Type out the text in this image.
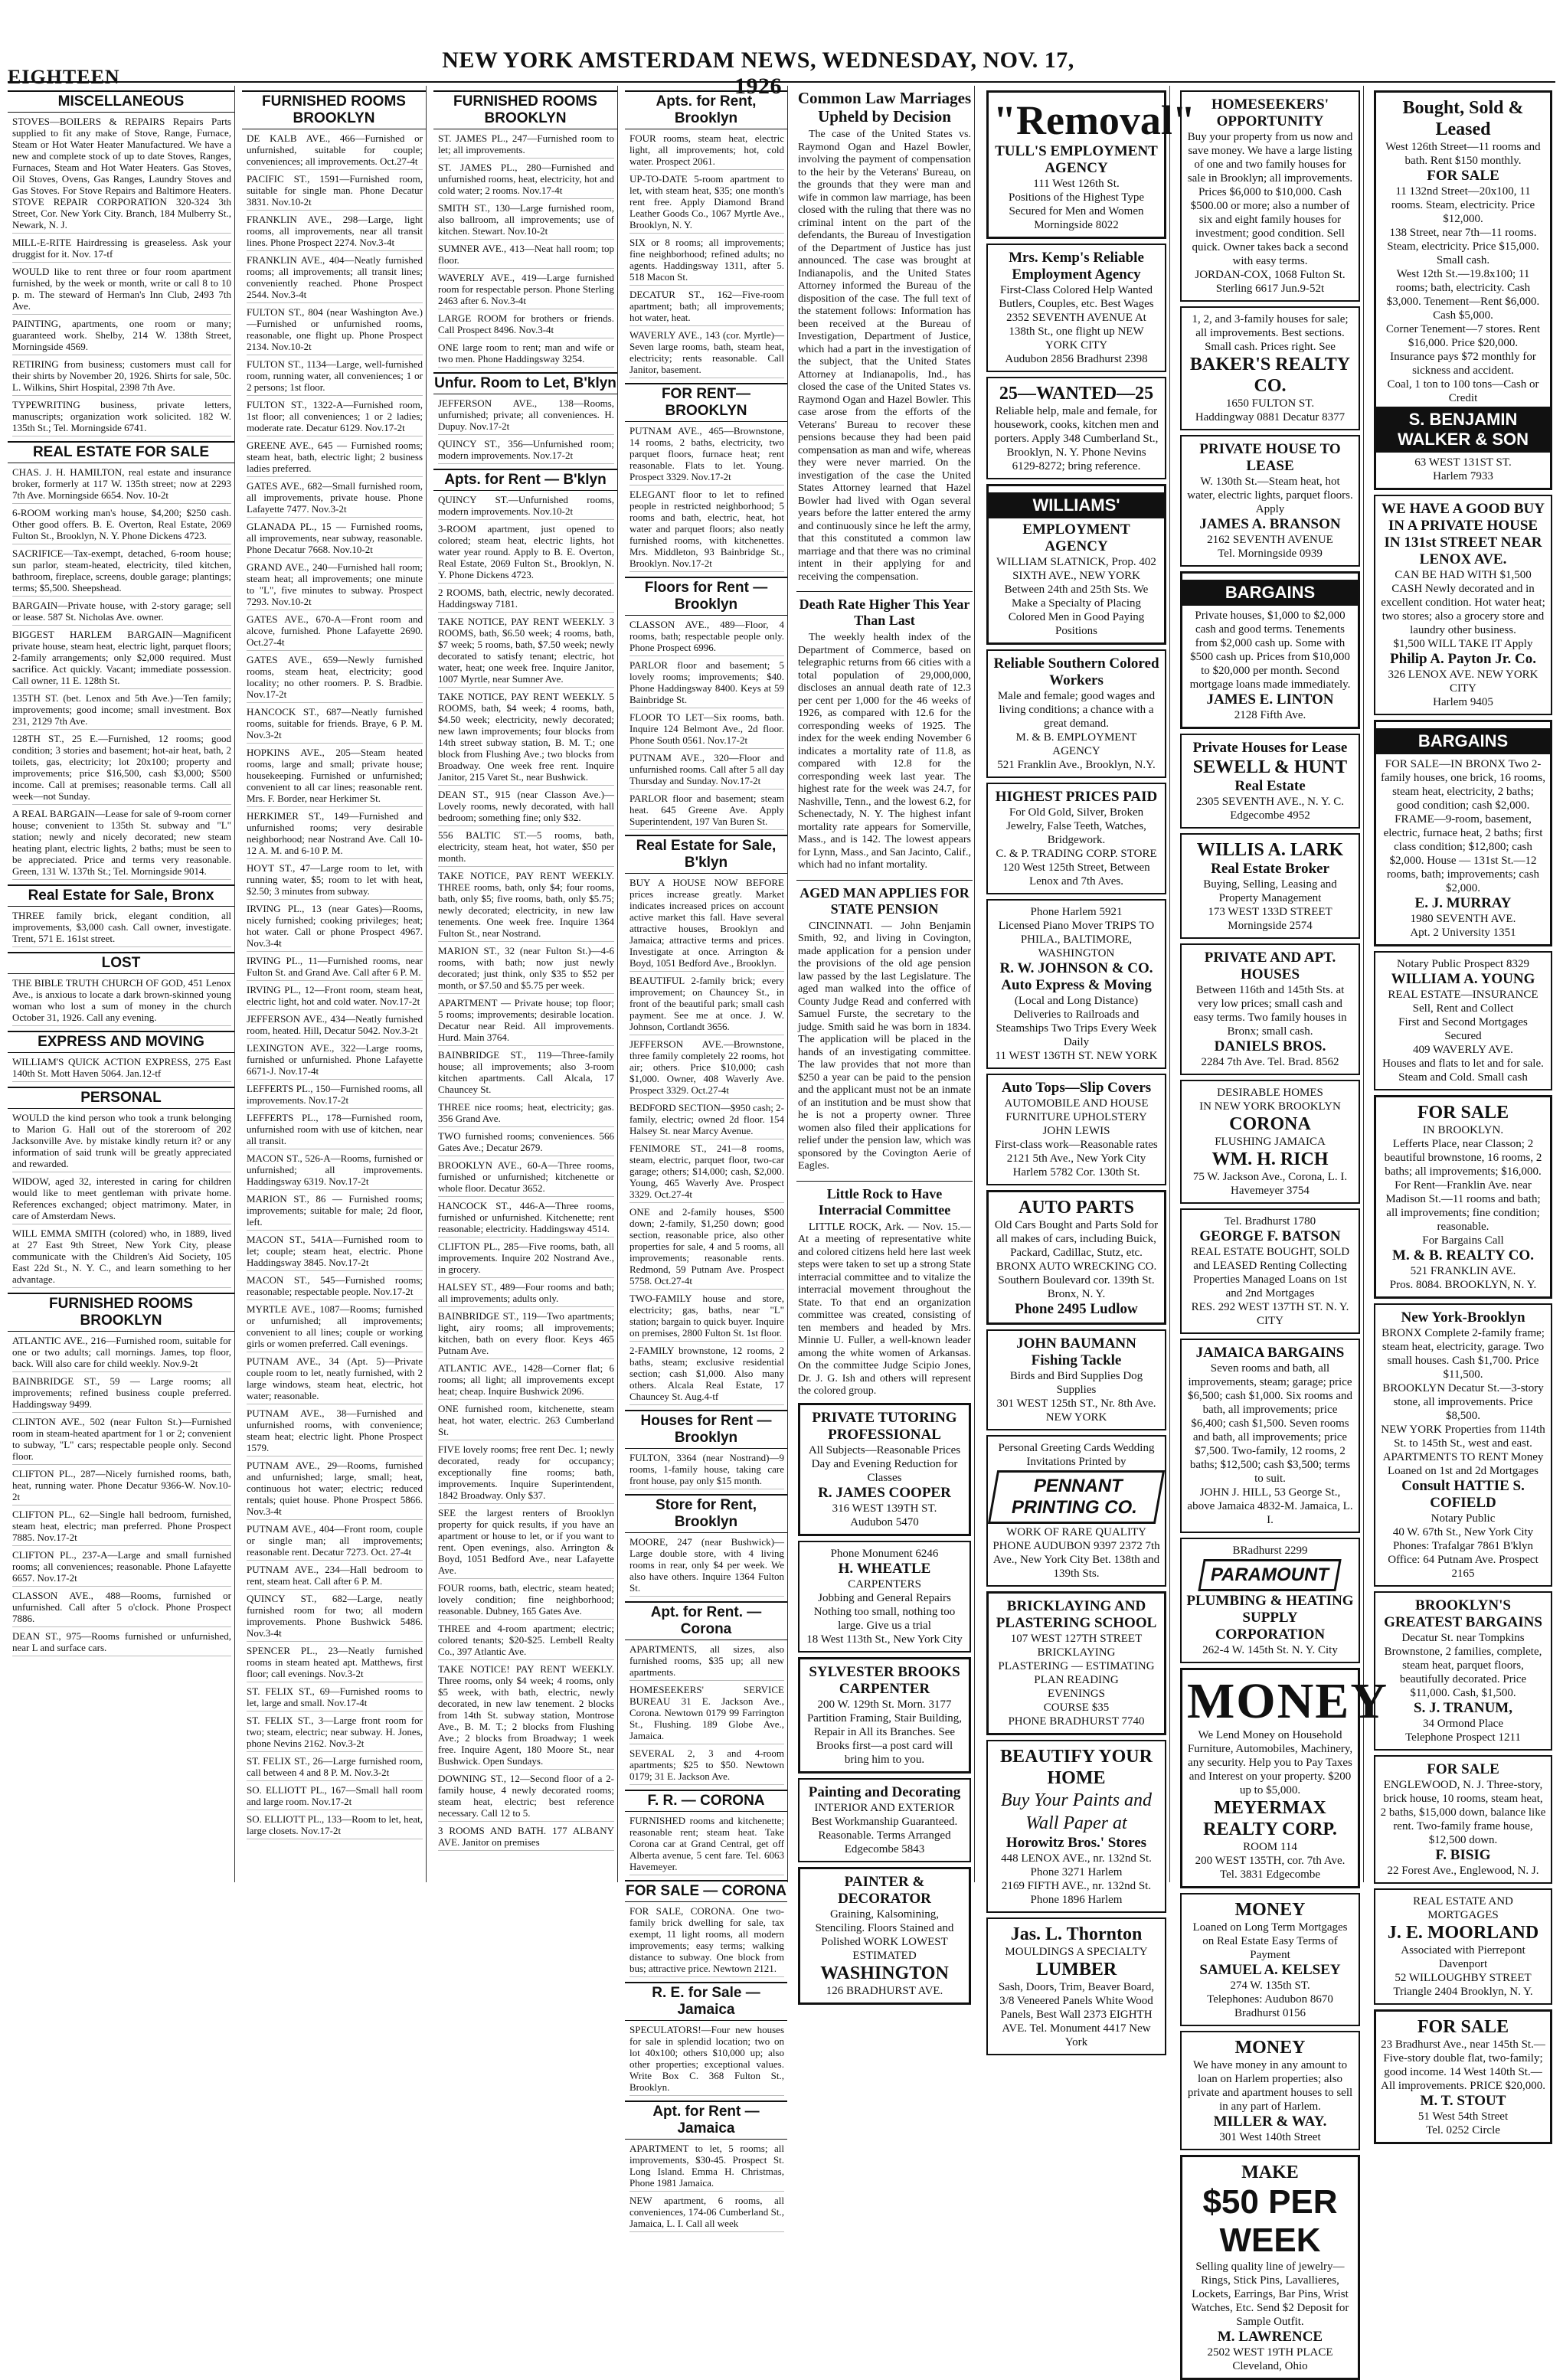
EIGHTEEN
NEW YORK AMSTERDAM NEWS, WEDNESDAY, NOV. 17, 1926
MISCELLANEOUS
STOVES—BOILERS & REPAIRS Repairs Parts supplied to fit any make of Stove, Range, Furnace, Steam or Hot Water Heater Manufactured. We have a new and complete stock of up to date Stoves, Ranges, Furnaces, Steam and Hot Water Heaters. Gas Stoves, Oil Stoves, Ovens, Gas Ranges, Laundry Stoves and Gas Stoves. For Stove Repairs and Baltimore Heaters. STOVE REPAIR CORPORATION 320-324 3th Street, Cor. New York City. Branch, 184 Mulberry St., Newark, N. J.
MILL-E-RITE Hairdressing is greaseless. Ask your druggist for it. Nov. 17-tf
WOULD like to rent three or four room apartment furnished, by the week or month, write or call 8 to 10 p. m. The steward of Herman's Inn Club, 2493 7th Ave.
PAINTING, apartments, one room or many; guaranteed work. Shelby, 214 W. 138th Street, Morningside 4569.
RETIRING from business; customers must call for their shirts by November 20, 1926. Shirts for sale, 50c. L. Wilkins, Shirt Hospital, 2398 7th Ave.
TYPEWRITING business, private letters, manuscripts; organization work solicited. 182 W. 135th St.; Tel. Morningside 6741.
REAL ESTATE FOR SALE
CHAS. J. H. HAMILTON, real estate and insurance broker, formerly at 117 W. 135th street; now at 2293 7th Ave. Morningside 6654. Nov. 10-2t
6-ROOM working man's house, $4,200; $250 cash. Other good offers. B. E. Overton, Real Estate, 2069 Fulton St., Brooklyn, N. Y. Phone Dickens 4723.
SACRIFICE—Tax-exempt, detached, 6-room house; sun parlor, steam-heated, electricity, tiled kitchen, bathroom, fireplace, screens, double garage; plantings; terms; $5,500. Sheepshead.
BARGAIN—Private house, with 2-story garage; sell or lease. 587 St. Nicholas Ave. owner.
BIGGEST HARLEM BARGAIN—Magnificent private house, steam heat, electric light, parquet floors; 2-family arrangements; only $2,000 required. Must sacrifice. Act quickly. Vacant; immediate possession. Call owner, 11 E. 128th St.
135TH ST. (bet. Lenox and 5th Ave.)—Ten family; improvements; good income; small investment. Box 231, 2129 7th Ave.
128TH ST., 25 E.—Furnished, 12 rooms; good condition; 3 stories and basement; hot-air heat, bath, 2 toilets, gas, electricity; lot 20x100; property and improvements; price $16,500, cash $3,000; $500 income. Call at premises; reasonable terms. Call all week—not Sunday.
A REAL BARGAIN—Lease for sale of 9-room corner house; convenient to 135th St. subway and "L" station; newly and nicely decorated; new steam heating plant, electric lights, 2 baths; must be seen to be appreciated. Price and terms very reasonable. Green, 131 W. 137th St.; Tel. Morningside 9014.
Real Estate for Sale, Bronx
THREE family brick, elegant condition, all improvements, $3,000 cash. Call owner, investigate. Trent, 571 E. 161st street.
LOST
THE BIBLE TRUTH CHURCH OF GOD, 451 Lenox Ave., is anxious to locate a dark brown-skinned young woman who lost a sum of money in the church October 31, 1926. Call any evening.
EXPRESS AND MOVING
WILLIAM'S QUICK ACTION EXPRESS, 275 East 140th St. Mott Haven 5064. Jan.12-tf
PERSONAL
WOULD the kind person who took a trunk belonging to Marion G. Hall out of the storeroom of 202 Jacksonville Ave. by mistake kindly return it? or any information of said trunk will be greatly appreciated and rewarded.
WIDOW, aged 32, interested in caring for children would like to meet gentleman with private home. References exchanged; object matrimony. Mater, in care of Amsterdam News.
WILL EMMA SMITH (colored) who, in 1889, lived at 27 East 9th Street, New York City, please communicate with the Children's Aid Society, 105 East 22d St., N. Y. C., and learn something to her advantage.
FURNISHED ROOMS BROOKLYN
ATLANTIC AVE., 216—Furnished room, suitable for one or two adults; call mornings. James, top floor, back. Will also care for child weekly. Nov.9-2t
BAINBRIDGE ST., 59 — Large rooms; all improvements; refined business couple preferred. Haddingsway 9499.
CLINTON AVE., 502 (near Fulton St.)—Furnished room in steam-heated apartment for 1 or 2; convenient to subway, "L" cars; respectable people only. Second floor.
CLIFTON PL., 287—Nicely furnished rooms, bath, heat, running water. Phone Decatur 9366-W. Nov.10-2t
CLIFTON PL., 62—Single hall bedroom, furnished, steam heat, electric; man preferred. Phone Prospect 7885. Nov.17-2t
CLIFTON PL., 237-A—Large and small furnished rooms; all conveniences; reasonable. Phone Lafayette 6657. Nov.17-2t
CLASSON AVE., 488—Rooms, furnished or unfurnished. Call after 5 o'clock. Phone Prospect 7886.
DEAN ST., 975—Rooms furnished or unfurnished, near L and surface cars.
FURNISHED ROOMS BROOKLYN
DE KALB AVE., 466—Furnished or unfurnished, suitable for couple; conveniences; all improvements. Oct.27-4t
PACIFIC ST., 1591—Furnished room, suitable for single man. Phone Decatur 3831. Nov.10-2t
FRANKLIN AVE., 298—Large, light rooms, all improvements, near all transit lines. Phone Prospect 2274. Nov.3-4t
FRANKLIN AVE., 404—Neatly furnished rooms; all improvements; all transit lines; conveniently reached. Phone Prospect 2544. Nov.3-4t
FULTON ST., 804 (near Washington Ave.)—Furnished or unfurnished rooms, reasonable, one flight up. Phone Prospect 2134. Nov.10-2t
FULTON ST., 1134—Large, well-furnished room, running water, all conveniences; 1 or 2 persons; 1st floor.
FULTON ST., 1322-A—Furnished room, 1st floor; all conveniences; 1 or 2 ladies; moderate rate. Decatur 6129. Nov.17-2t
GREENE AVE., 645 — Furnished rooms; steam heat, bath, electric light; 2 business ladies preferred.
GATES AVE., 682—Small furnished room, all improvements, private house. Phone Lafayette 7477. Nov.3-2t
GLANADA PL., 15 — Furnished rooms, all improvements, near subway, reasonable. Phone Decatur 7668. Nov.10-2t
GRAND AVE., 240—Furnished hall room; steam heat; all improvements; one minute to "L", five minutes to subway. Prospect 7293. Nov.10-2t
GATES AVE., 670-A—Front room and alcove, furnished. Phone Lafayette 2690. Oct.27-4t
GATES AVE., 659—Newly furnished rooms, steam heat, electricity; good locality; no other roomers. P. S. Bradbie. Nov.17-2t
HANCOCK ST., 687—Neatly furnished rooms, suitable for friends. Braye, 6 P. M. Nov.3-2t
HOPKINS AVE., 205—Steam heated rooms, large and small; private house; housekeeping. Furnished or unfurnished; convenient to all car lines; reasonable rent. Mrs. F. Border, near Herkimer St.
HERKIMER ST., 149—Furnished and unfurnished rooms; very desirable neighborhood; near Nostrand Ave. Call 10-12 A. M. and 6-10 P. M.
HOYT ST., 47—Large room to let, with running water, $5; room to let with heat, $2.50; 3 minutes from subway.
IRVING PL., 13 (near Gates)—Rooms, nicely furnished; cooking privileges; heat; hot water. Call or phone Prospect 4967. Nov.3-4t
IRVING PL., 11—Furnished rooms, near Fulton St. and Grand Ave. Call after 6 P. M.
IRVING PL., 12—Front room, steam heat, electric light, hot and cold water. Nov.17-2t
JEFFERSON AVE., 434—Neatly furnished room, heated. Hill, Decatur 5042. Nov.3-2t
LEXINGTON AVE., 322—Large rooms, furnished or unfurnished. Phone Lafayette 6671-J. Nov.17-4t
LEFFERTS PL., 150—Furnished rooms, all improvements. Nov.17-2t
LEFFERTS PL., 178—Furnished room, unfurnished room with use of kitchen, near all transit.
MACON ST., 526-A—Rooms, furnished or unfurnished; all improvements. Haddingsway 6319. Nov.17-2t
MARION ST., 86 — Furnished rooms; improvements; suitable for male; 2d floor, left.
MACON ST., 541A—Furnished room to let; couple; steam heat, electric. Phone Haddingsway 3845. Nov.17-2t
MACON ST., 545—Furnished rooms; reasonable; respectable people. Nov.17-2t
MYRTLE AVE., 1087—Rooms; furnished or unfurnished; all improvements; convenient to all lines; couple or working girls or women preferred. Call evenings.
PUTNAM AVE., 34 (Apt. 5)—Private couple room to let, neatly furnished, with 2 large windows, steam heat, electric, hot water; reasonable.
PUTNAM AVE., 38—Furnished and unfurnished rooms, with convenience; steam heat; electric light. Phone Prospect 1579.
PUTNAM AVE., 29—Rooms, furnished and unfurnished; large, small; heat, continuous hot water; electric; reduced rentals; quiet house. Phone Prospect 5866. Nov.3-4t
PUTNAM AVE., 404—Front room, couple or single man; all improvements; reasonable rent. Decatur 7273. Oct. 27-4t
PUTNAM AVE., 234—Hall bedroom to rent, steam heat. Call after 6 P. M.
QUINCY ST., 682—Large, neatly furnished room for two; all modern improvements. Phone Bushwick 5486. Nov.3-4t
SPENCER PL., 23—Neatly furnished rooms in steam heated apt. Matthews, first floor; call evenings. Nov.3-2t
ST. FELIX ST., 69—Furnished rooms to let, large and small. Nov.17-4t
ST. FELIX ST., 3—Large front room for two; steam, electric; near subway. H. Jones, phone Nevins 2162. Nov.3-2t
ST. FELIX ST., 26—Large furnished room, call between 4 and 8 P. M. Nov.3-2t
SO. ELLIOTT PL., 167—Small hall room and large room. Nov.17-2t
SO. ELLIOTT PL., 133—Room to let, heat, large closets. Nov.17-2t
FURNISHED ROOMS BROOKLYN
ST. JAMES PL., 247—Furnished room to let; all improvements.
ST. JAMES PL., 280—Furnished and unfurnished rooms, heat, electricity, hot and cold water; 2 rooms. Nov.17-4t
SMITH ST., 130—Large furnished room, also ballroom, all improvements; use of kitchen. Stewart. Nov.10-2t
SUMNER AVE., 413—Neat hall room; top floor.
WAVERLY AVE., 419—Large furnished room for respectable person. Phone Sterling 2463 after 6. Nov.3-4t
LARGE ROOM for brothers or friends. Call Prospect 8496. Nov.3-4t
ONE large room to rent; man and wife or two men. Phone Haddingsway 3254.
Unfur. Room to Let, B'klyn
JEFFERSON AVE., 138—Rooms, unfurnished; private; all conveniences. H. Dupuy. Nov.17-2t
QUINCY ST., 356—Unfurnished room; modern improvements. Nov.17-2t
Apts. for Rent — B'klyn
QUINCY ST.—Unfurnished rooms, modern improvements. Nov.10-2t
3-ROOM apartment, just opened to colored; steam heat, electric lights, hot water year round. Apply to B. E. Overton, Real Estate, 2069 Fulton St., Brooklyn, N. Y. Phone Dickens 4723.
2 ROOMS, bath, electric, newly decorated. Haddingsway 7181.
TAKE NOTICE, PAY RENT WEEKLY. 3 ROOMS, bath, $6.50 week; 4 rooms, bath, $7 week; 5 rooms, bath, $7.50 week; newly decorated to satisfy tenant; electric, hot water, heat; one week free. Inquire Janitor, 1007 Myrtle, near Sumner Ave.
TAKE NOTICE, PAY RENT WEEKLY. 5 ROOMS, bath, $4 week; 4 rooms, bath, $4.50 week; electricity, newly decorated; new lawn improvements; four blocks from 14th street subway station, B. M. T.; one block from Flushing Ave.; two blocks from Broadway. One week free rent. Inquire Janitor, 215 Varet St., near Bushwick.
DEAN ST., 915 (near Classon Ave.)—Lovely rooms, newly decorated, with hall bedroom; something fine; only $32.
556 BALTIC ST.—5 rooms, bath, electricity, steam heat, hot water, $50 per month.
TAKE NOTICE, PAY RENT WEEKLY. THREE rooms, bath, only $4; four rooms, bath, only $5; five rooms, bath, only $5.75; newly decorated; electricity, in new law tenements. One week free. Inquire 1364 Fulton St., near Nostrand.
MARION ST., 32 (near Fulton St.)—4-6 rooms, with bath; now just newly decorated; just think, only $35 to $52 per month, or $7.50 and $5.75 per week.
APARTMENT — Private house; top floor; 5 rooms; improvements; desirable location. Decatur near Reid. All improvements. Hurd. Main 3764.
BAINBRIDGE ST., 119—Three-family house; all improvements; also 3-room kitchen apartments. Call Alcala, 17 Chauncey St.
THREE nice rooms; heat, electricity; gas. 356 Grand Ave.
TWO furnished rooms; conveniences. 566 Gates Ave.; Decatur 2679.
BROOKLYN AVE., 60-A—Three rooms, furnished or unfurnished; kitchenette or whole floor. Decatur 3652.
HANCOCK ST., 446-A—Three rooms, furnished or unfurnished. Kitchenette; rent reasonable; electricity. Haddingsway 4514.
CLIFTON PL., 285—Five rooms, bath, all improvements. Inquire 202 Nostrand Ave., in grocery.
HALSEY ST., 489—Four rooms and bath; all improvements; adults only.
BAINBRIDGE ST., 119—Two apartments; light, airy rooms; all improvements; kitchen, bath on every floor. Keys 465 Putnam Ave.
ATLANTIC AVE., 1428—Corner flat; 6 rooms; all light; all improvements except heat; cheap. Inquire Bushwick 2096.
ONE furnished room, kitchenette, steam heat, hot water, electric. 263 Cumberland St.
FIVE lovely rooms; free rent Dec. 1; newly decorated, ready for occupancy; exceptionally fine rooms; bath, improvements. Inquire Superintendent, 1842 Broadway. Only $37.
SEE the largest renters of Brooklyn property for quick results, if you have an apartment or house to let, or if you want to rent. Open evenings, also. Arrington & Boyd, 1051 Bedford Ave., near Lafayette Ave.
FOUR rooms, bath, electric, steam heated; lovely condition; fine neighborhood; reasonable. Dubney, 165 Gates Ave.
THREE and 4-room apartment; electric; colored tenants; $20-$25. Lembell Realty Co., 397 Atlantic Ave.
TAKE NOTICE! PAY RENT WEEKLY. Three rooms, only $4 week; 4 rooms, only $5 week, with bath, electric, newly decorated, in new law tenement. 2 blocks from 14th St. subway station, Montrose Ave., B. M. T.; 2 blocks from Flushing Ave.; 2 blocks from Broadway; 1 week free. Inquire Agent, 180 Moore St., near Bushwick. Open Sundays.
DOWNING ST., 12—Second floor of a 2-family house, 4 newly decorated rooms; steam heat, electric; best reference necessary. Call 12 to 5.
3 ROOMS AND BATH. 177 ALBANY AVE. Janitor on premises
Apts. for Rent, Brooklyn
FOUR rooms, steam heat, electric light, all improvements; hot, cold water. Prospect 2061.
UP-TO-DATE 5-room apartment to let, with steam heat, $35; one month's rent free. Apply Diamond Brand Leather Goods Co., 1067 Myrtle Ave., Brooklyn, N. Y.
SIX or 8 rooms; all improvements; fine neighborhood; refined adults; no agents. Haddingsway 1311, after 5. 518 Macon St.
DECATUR ST., 162—Five-room apartment; bath; all improvements; hot water, heat.
WAVERLY AVE., 143 (cor. Myrtle)—Seven large rooms, bath, steam heat, electricity; rents reasonable. Call Janitor, basement.
FOR RENT—BROOKLYN
PUTNAM AVE., 465—Brownstone, 14 rooms, 2 baths, electricity, two parquet floors, furnace heat; rent reasonable. Flats to let. Young. Prospect 3329. Nov.17-2t
ELEGANT floor to let to refined people in restricted neighborhood; 5 rooms and bath, electric, heat, hot water and parquet floors; also neatly furnished rooms, with kitchenettes. Mrs. Middleton, 93 Bainbridge St., Brooklyn. Nov.17-2t
Floors for Rent — Brooklyn
CLASSON AVE., 489—Floor, 4 rooms, bath; respectable people only. Phone Prospect 6996.
PARLOR floor and basement; 5 lovely rooms; improvements; $40. Phone Haddingsway 8400. Keys at 59 Bainbridge St.
FLOOR TO LET—Six rooms, bath. Inquire 124 Belmont Ave., 2d floor. Phone South 0561. Nov.17-2t
PUTNAM AVE., 320—Floor and unfurnished rooms. Call after 5 all day Thursday and Sunday. Nov.17-2t
PARLOR floor and basement; steam heat. 645 Greene Ave. Apply Superintendent, 197 Van Buren St.
Real Estate for Sale, B'klyn
BUY A HOUSE NOW BEFORE prices increase greatly. Market indicates increased prices on account active market this fall. Have several attractive houses, Brooklyn and Jamaica; attractive terms and prices. Investigate at once. Arrington & Boyd, 1051 Bedford Ave., Brooklyn.
BEAUTIFUL 2-family brick; every improvement; on Chauncey St., in front of the beautiful park; small cash payment. See me at once. J. W. Johnson, Cortlandt 3656.
JEFFERSON AVE.—Brownstone, three family completely 22 rooms, hot air; others. Price $10,000; cash $1,000. Owner, 408 Waverly Ave. Prospect 3329. Oct.27-4t
BEDFORD SECTION—$950 cash; 2-family, electric; owned 2d floor. 154 Halsey St. near Marcy Avenue.
FENIMORE ST., 241—8 rooms, steam, electric, parquet floor, two-car garage; others; $14,000; cash, $2,000. Young, 465 Waverly Ave. Prospect 3329. Oct.27-4t
ONE and 2-family houses, $500 down; 2-family, $1,250 down; good section, reasonable price, also other properties for sale, 4 and 5 rooms, all improvements; reasonable rents. Redmond, 59 Putnam Ave. Prospect 5758. Oct.27-4t
TWO-FAMILY house and store, electricity; gas, baths, near "L" station; bargain to quick buyer. Inquire on premises, 2800 Fulton St. 1st floor.
2-FAMILY brownstone, 12 rooms, 2 baths, steam; exclusive residential section; cash $1,000. Also many others. Alcala Real Estate, 17 Chauncey St. Aug.4-tf
Houses for Rent — Brooklyn
FULTON, 3364 (near Nostrand)—9 rooms, 1-family house, taking care front house, pay only $15 month.
Store for Rent, Brooklyn
MOORE, 247 (near Bushwick)—Large double store, with 4 living rooms in rear, only $4 per week. We also have others. Inquire 1364 Fulton St.
Apt. for Rent. — Corona
APARTMENTS, all sizes, also furnished rooms, $35 up; all new apartments.
HOMESEEKERS' SERVICE BUREAU 31 E. Jackson Ave., Corona. Newtown 0179 99 Farrington St., Flushing. 189 Globe Ave., Jamaica.
SEVERAL 2, 3 and 4-room apartments; $25 to $50. Newtown 0179; 31 E. Jackson Ave.
F. R. — CORONA
FURNISHED rooms and kitchenette; reasonable rent; steam heat. Take Corona car at Grand Central, get off Alberta avenue, 5 cent fare. Tel. 6063 Havemeyer.
FOR SALE — CORONA
FOR SALE, CORONA. One two-family brick dwelling for sale, tax exempt, 11 light rooms, all modern improvements; easy terms; walking distance to subway. One block from bus; attractive price. Newtown 2121.
R. E. for Sale — Jamaica
SPECULATORS!—Four new houses for sale in splendid location; two on lot 40x100; others $10,000 up; also other properties; exceptional values. Write Box C. 368 Fulton St., Brooklyn.
Apt. for Rent — Jamaica
APARTMENT to let, 5 rooms; all improvements, $30-45. Prospect St. Long Island. Emma H. Christmas, Phone 1981 Jamaica.
NEW apartment, 6 rooms, all conveniences, 174-06 Cumberland St., Jamaica, L. I. Call all week
Common Law Marriages Upheld by Decision
The case of the United States vs. Raymond Ogan and Hazel Bowler, involving the payment of compensation to the heir by the Veterans' Bureau, on the grounds that they were man and wife in common law marriage, has been closed with the ruling that there was no criminal intent on the part of the defendants, the Bureau of Investigation of the Department of Justice has just announced. The case was brought at Indianapolis, and the United States Attorney informed the Bureau of the disposition of the case. The full text of the statement follows: Information has been received at the Bureau of Investigation, Department of Justice, which had a part in the investigation of the subject, that the United States Attorney at Indianapolis, Ind., has closed the case of the United States vs. Raymond Ogan and Hazel Bowler. This case arose from the efforts of the Veterans' Bureau to recover these pensions because they had been paid compensation as man and wife, whereas they were never married. On the investigation of the case the United States Attorney learned that Hazel Bowler had lived with Ogan several years before the latter entered the army and continuously since he left the army, that this constituted a common law marriage and that there was no criminal intent in their applying for and receiving the compensation.
Death Rate Higher This Year Than Last
The weekly health index of the Department of Commerce, based on telegraphic returns from 66 cities with a total population of 29,000,000, discloses an annual death rate of 12.3 per cent per 1,000 for the 46 weeks of 1926, as compared with 12.6 for the corresponding weeks of 1925. The index for the week ending November 6 indicates a mortality rate of 11.8, as compared with 12.8 for the corresponding week last year. The highest rate for the week was 24.7, for Nashville, Tenn., and the lowest 6.2, for Schenectady, N. Y. The highest infant mortality rate appears for Somerville, Mass., and is 142. The lowest appears for Lynn, Mass., and San Jacinto, Calif., which had no infant mortality.
AGED MAN APPLIES FOR STATE PENSION
CINCINNATI. — John Benjamin Smith, 92, and living in Covington, made application for a pension under the provisions of the old age pension law passed by the last Legislature. The aged man walked into the office of County Judge Read and conferred with Samuel Furste, the secretary to the judge. Smith said he was born in 1834. The application will be placed in the hands of an investigating committee. The law provides that not more than $250 a year can be paid to the pension and the applicant must not be an inmate of an institution and be must show that he is not a property owner. Three women also filed their applications for relief under the pension law, which was sponsored by the Covington Aerie of Eagles.
Little Rock to Have Interracial Committee
LITTLE ROCK, Ark. — Nov. 15.— At a meeting of representative white and colored citizens held here last week steps were taken to set up a strong State interracial committee and to vitalize the interracial movement throughout the State. To that end an organization committee was created, consisting of ten members and headed by Mrs. Minnie U. Fuller, a well-known leader among the white women of Arkansas. On the committee Judge Scipio Jones, Dr. J. G. Ish and others will represent the colored group.
PRIVATE TUTORING
PROFESSIONAL
All Subjects—Reasonable Prices Day and Evening Reduction for Classes
R. JAMES COOPER
316 WEST 139TH ST.
Audubon 5470
Phone Monument 6246
H. WHEATLE
CARPENTERS
Jobbing and General Repairs Nothing too small, nothing too large. Give us a trial
18 West 113th St., New York City
SYLVESTER BROOKS
CARPENTER
200 W. 129th St. Morn. 3177
Partition Framing, Stair Building, Repair in All its Branches. See Brooks first—a post card will bring him to you.
Painting and Decorating
INTERIOR AND EXTERIOR
Best Workmanship Guaranteed. Reasonable. Terms Arranged
Edgecombe 5843
PAINTER & DECORATOR
Graining, Kalsomining, Stenciling. Floors Stained and Polished WORK LOWEST ESTIMATED
WASHINGTON
126 BRADHURST AVE.
"Removal"
TULL'S EMPLOYMENT AGENCY
111 West 126th St.
Positions of the Highest Type Secured for Men and Women
Morningside 8022
Mrs. Kemp's Reliable Employment Agency
First-Class Colored Help Wanted Butlers, Couples, etc. Best Wages
2352 SEVENTH AVENUE At 138th St., one flight up NEW YORK CITY
Audubon 2856 Bradhurst 2398
25—WANTED—25
Reliable help, male and female, for housework, cooks, kitchen men and porters. Apply 348 Cumberland St., Brooklyn, N. Y. Phone Nevins 6129-8272; bring reference.
WILLIAMS'
EMPLOYMENT AGENCY
WILLIAM SLATNICK, Prop. 402 SIXTH AVE., NEW YORK Between 24th and 25th Sts. We Make a Specialty of Placing Colored Men in Good Paying Positions
Reliable Southern Colored Workers
Male and female; good wages and living conditions; a chance with a great demand.
M. & B. EMPLOYMENT AGENCY
521 Franklin Ave., Brooklyn, N.Y.
HIGHEST PRICES PAID
For Old Gold, Silver, Broken Jewelry, False Teeth, Watches, Bridgework.
C. & P. TRADING CORP. STORE
120 West 125th Street, Between Lenox and 7th Aves.
Phone Harlem 5921
Licensed Piano Mover TRIPS TO PHILA., BALTIMORE, WASHINGTON
R. W. JOHNSON & CO.
Auto Express & Moving
(Local and Long Distance) Deliveries to Railroads and Steamships Two Trips Every Week Daily
11 WEST 136TH ST. NEW YORK
Auto Tops—Slip Covers
AUTOMOBILE AND HOUSE FURNITURE UPHOLSTERY
JOHN LEWIS
First-class work—Reasonable rates
2121 5th Ave., New York City Harlem 5782 Cor. 130th St.
AUTO PARTS
Old Cars Bought and Parts Sold for all makes of cars, including Buick, Packard, Cadillac, Stutz, etc.
BRONX AUTO WRECKING CO.
Southern Boulevard cor. 139th St. Bronx, N. Y.
Phone 2495 Ludlow
JOHN BAUMANN
Fishing Tackle
Birds and Bird Supplies Dog Supplies
301 WEST 125th ST., Nr. 8th Ave. NEW YORK
Personal Greeting Cards Wedding Invitations Printed by
PENNANT PRINTING CO.
WORK OF RARE QUALITY PHONE AUDUBON 9397 2372 7th Ave., New York City Bet. 138th and 139th Sts.
BRICKLAYING AND
PLASTERING SCHOOL
107 WEST 127TH STREET
BRICKLAYING
PLASTERING — ESTIMATING
PLAN READING
EVENINGS
COURSE $35
PHONE BRADHURST 7740
BEAUTIFY YOUR HOME
Buy Your Paints and Wall Paper at
Horowitz Bros.' Stores
448 LENOX AVE., nr. 132nd St. Phone 3271 Harlem
2169 FIFTH AVE., nr. 132nd St. Phone 1896 Harlem
Jas. L. Thornton
MOULDINGS A SPECIALTY
LUMBER
Sash, Doors, Trim, Beaver Board, 3/8 Veneered Panels White Wood Panels, Best Wall 2373 EIGHTH AVE. Tel. Monument 4417 New York
HOMESEEKERS' OPPORTUNITY
Buy your property from us now and save money. We have a large listing of one and two family houses for sale in Brooklyn; all improvements. Prices $6,000 to $10,000. Cash $500.00 or more; also a number of six and eight family houses for investment; good condition. Sell quick. Owner takes back a second with easy terms.
JORDAN-COX, 1068 Fulton St. Sterling 6617 Jun.9-52t
1, 2, and 3-family houses for sale; all improvements. Best sections. Small cash. Prices right. See
BAKER'S REALTY CO.
1650 FULTON ST.
Haddingway 0881 Decatur 8377
PRIVATE HOUSE TO LEASE
W. 130th St.—Steam heat, hot water, electric lights, parquet floors. Apply
JAMES A. BRANSON
2162 SEVENTH AVENUE
Tel. Morningside 0939
BARGAINS
Private houses, $1,000 to $2,000 cash and good terms. Tenements from $2,000 cash up. Some with $500 cash up. Prices from $10,000 to $20,000 per month. Second mortgage loans made immediately.
JAMES E. LINTON
2128 Fifth Ave.
Private Houses for Lease
SEWELL & HUNT
Real Estate
2305 SEVENTH AVE., N. Y. C.
Edgecombe 4952
WILLIS A. LARK
Real Estate Broker
Buying, Selling, Leasing and Property Management
173 WEST 133D STREET
Morningside 2574
PRIVATE AND APT. HOUSES
Between 116th and 145th Sts. at very low prices; small cash and easy terms. Two family houses in Bronx; small cash.
DANIELS BROS.
2284 7th Ave. Tel. Brad. 8562
DESIRABLE HOMES
IN NEW YORK BROOKLYN
CORONA
FLUSHING JAMAICA
WM. H. RICH
75 W. Jackson Ave., Corona, L. I. Havemeyer 3754
Tel. Bradhurst 1780
GEORGE F. BATSON
REAL ESTATE BOUGHT, SOLD and LEASED Renting Collecting Properties Managed Loans on 1st and 2nd Mortgages
RES. 292 WEST 137TH ST. N. Y. CITY
JAMAICA BARGAINS
Seven rooms and bath, all improvements, steam; garage; price $6,500; cash $1,000. Six rooms and bath, all improvements; price $6,400; cash $1,500. Seven rooms and bath, all improvements; price $7,500. Two-family, 12 rooms, 2 baths; $12,500; cash $3,500; terms to suit.
JOHN J. HILL, 53 George St., above Jamaica 4832-M. Jamaica, L. I.
BRadhurst 2299
PARAMOUNT
PLUMBING & HEATING
SUPPLY CORPORATION
262-4 W. 145th St. N. Y. City
MONEY
We Lend Money on Household Furniture, Automobiles, Machinery, any security. Help you to Pay Taxes and Interest on your property. $200 up to $5,000.
MEYERMAX REALTY CORP.
ROOM 114
200 WEST 135TH, cor. 7th Ave.
Tel. 3831 Edgecombe
MONEY
Loaned on Long Term Mortgages on Real Estate Easy Terms of Payment
SAMUEL A. KELSEY
274 W. 135th ST.
Telephones: Audubon 8670 Bradhurst 0156
MONEY
We have money in any amount to loan on Harlem properties; also private and apartment houses to sell in any part of Harlem.
MILLER & WAY.
301 West 140th Street
MAKE
$50 PER WEEK
Selling quality line of jewelry—Rings, Stick Pins, Lavallieres, Lockets, Earrings, Bar Pins, Wrist Watches, Etc. Send $2 Deposit for Sample Outfit.
M. LAWRENCE
2502 WEST 19TH PLACE Cleveland, Ohio
Bought, Sold & Leased
West 126th Street—11 rooms and bath. Rent $150 monthly.
FOR SALE
11 132nd Street—20x100, 11 rooms. Steam, electricity. Price $12,000.
138 Street, near 7th—11 rooms. Steam, electricity. Price $15,000. Small cash.
West 12th St.—19.8x100; 11 rooms; bath, electricity. Cash $3,000. Tenement—Rent $6,000. Cash $5,000.
Corner Tenement—7 stores. Rent $16,000. Price $20,000.
Insurance pays $72 monthly for sickness and accident.
Coal, 1 ton to 100 tons—Cash or Credit
S. BENJAMIN WALKER & SON
63 WEST 131ST ST.
Harlem 7933
WE HAVE A GOOD BUY IN A PRIVATE HOUSE IN 131st STREET NEAR LENOX AVE.
CAN BE HAD WITH $1,500 CASH Newly decorated and in excellent condition. Hot water heat; two stores; also a grocery store and laundry other business.
$1,500 WILL TAKE IT Apply
Philip A. Payton Jr. Co.
326 LENOX AVE. NEW YORK CITY
Harlem 9405
BARGAINS
FOR SALE—IN BRONX Two 2-family houses, one brick, 16 rooms, steam heat, electricity, 2 baths; good condition; cash $2,000. FRAME—9-room, basement, electric, furnace heat, 2 baths; first class condition; $12,800; cash $2,000. House — 131st St.—12 rooms, bath; improvements; cash $2,000.
E. J. MURRAY
1980 SEVENTH AVE.
Apt. 2 University 1351
Notary Public Prospect 8329
WILLIAM A. YOUNG
REAL ESTATE—INSURANCE
Sell, Rent and Collect
First and Second Mortgages Secured
409 WAVERLY AVE.
Houses and flats to let and for sale. Steam and Cold. Small cash
FOR SALE
IN BROOKLYN.
Lefferts Place, near Classon; 2 beautiful brownstone, 16 rooms, 2 baths; all improvements; $16,000.
For Rent—Franklin Ave. near Madison St.—11 rooms and bath; all improvements; fine condition; reasonable.
For Bargains Call
M. & B. REALTY CO.
521 FRANKLIN AVE.
Pros. 8084. BROOKLYN, N. Y.
New York-Brooklyn
BRONX Complete 2-family frame; steam heat, electricity, garage. Two small houses. Cash $1,700. Price $11,500.
BROOKLYN Decatur St.—3-story stone, all improvements. Price $8,500.
NEW YORK Properties from 114th St. to 145th St., west and east.
APARTMENTS TO RENT Money Loaned on 1st and 2d Mortgages
Consult HATTIE S. COFIELD
Notary Public
40 W. 67th St., New York City
Phones: Trafalgar 7861 B'klyn Office: 64 Putnam Ave. Prospect 2165
BROOKLYN'S GREATEST BARGAINS
Decatur St. near Tompkins Brownstone, 2 families, complete, steam heat, parquet floors, beautifully decorated. Price $11,000. Cash, $1,500.
S. J. TRANUM,
34 Ormond Place
Telephone Prospect 1211
FOR SALE
ENGLEWOOD, N. J. Three-story, brick house, 10 rooms, steam heat, 2 baths, $15,000 down, balance like rent. Two-family frame house, $12,500 down.
F. BISIG
22 Forest Ave., Englewood, N. J.
REAL ESTATE AND MORTGAGES
J. E. MOORLAND
Associated with Pierrepont Davenport
52 WILLOUGHBY STREET
Triangle 2404 Brooklyn, N. Y.
FOR SALE
23 Bradhurst Ave., near 145th St.—Five-story double flat, two-family; good income. 14 West 140th St.—All improvements. PRICE $20,000.
M. T. STOUT
51 West 54th Street
Tel. 0252 Circle
